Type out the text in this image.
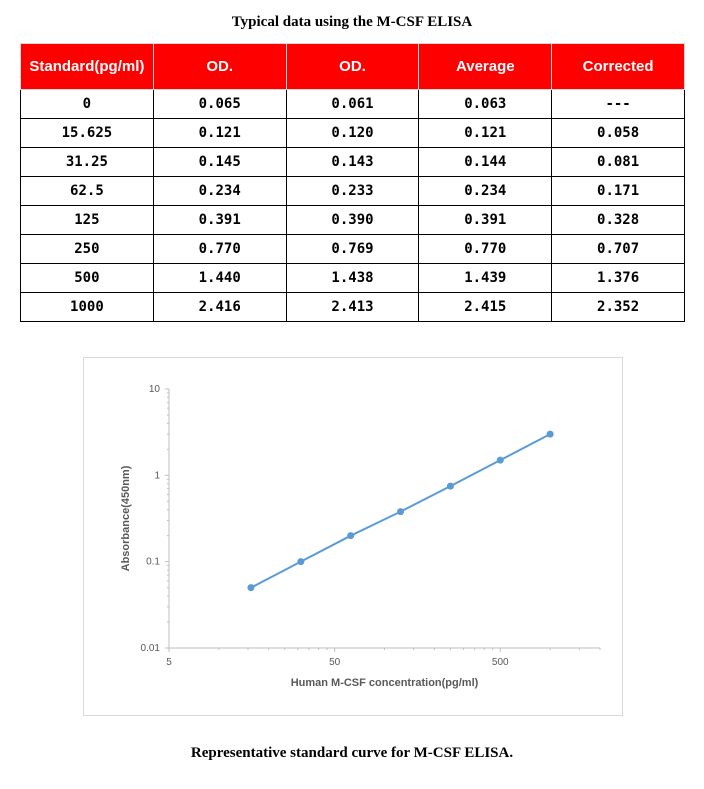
Typical data using the M-CSF ELISA
Standard(pg/ml)	OD.	OD.	Average	Corrected
0	0.065	0.061	0.063	---
15.625	0.121	0.120	0.121	0.058
31.25	0.145	0.143	0.144	0.081
62.5	0.234	0.233	0.234	0.171
125	0.391	0.390	0.391	0.328
250	0.770	0.769	0.770	0.707
500	1.440	1.438	1.439	1.376
1000	2.416	2.413	2.415	2.352
10
1
0.1
0.01
5	50	500
Human M-CSF concentration(pg/ml)
Absorbance(450nm)
Representative standard curve for M-CSF ELISA.
